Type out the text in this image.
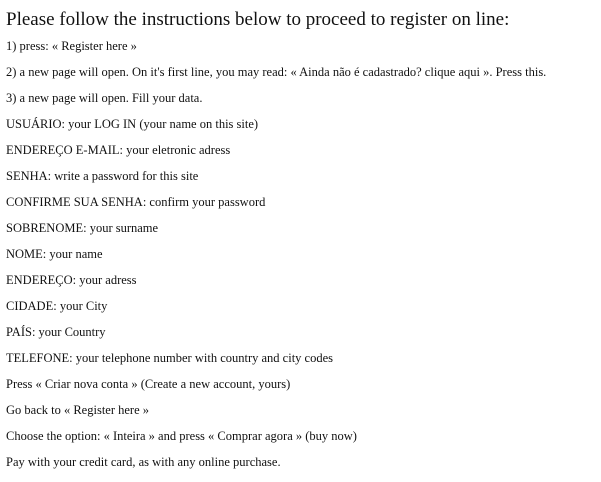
Please follow the instructions below to proceed to register on line:

1) press: « Register here »

2) a new page will open. On it's first line, you may read: « Ainda não é cadastrado? clique aqui ». Press this.

3) a new page will open. Fill your data.

USUÁRIO: your LOG IN (your name on this site)

ENDEREÇO E-MAIL: your eletronic adress

SENHA: write a password for this site

CONFIRME SUA SENHA: confirm your password

SOBRENOME: your surname

NOME: your name

ENDEREÇO: your adress

CIDADE: your City

PAÍS: your Country

TELEFONE: your telephone number with country and city codes

Press « Criar nova conta » (Create a new account, yours)

Go back to « Register here »

Choose the option: « Inteira » and press « Comprar agora » (buy now)

Pay with your credit card, as with any online purchase.
